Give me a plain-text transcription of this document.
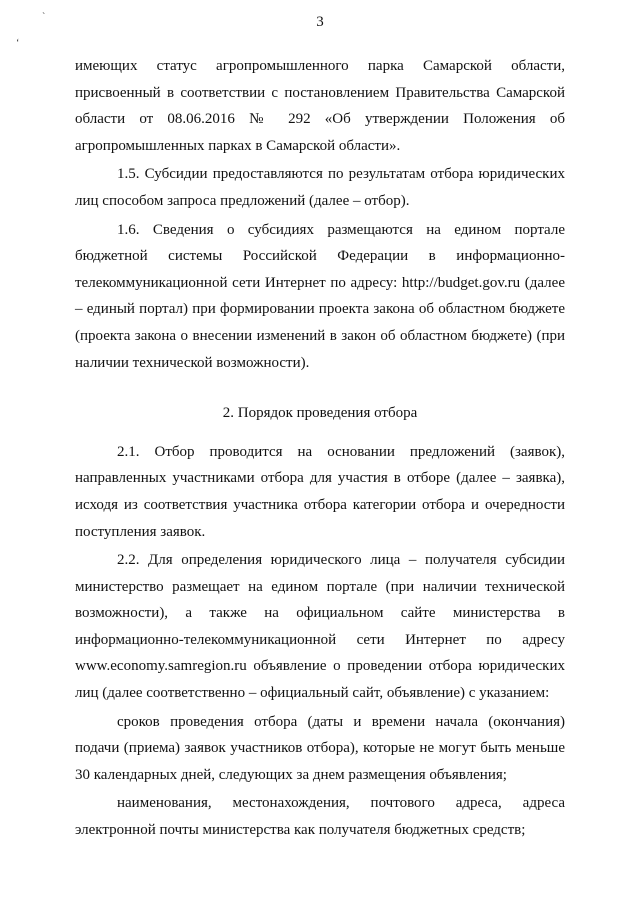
`
‘
3

имеющих статус агропромышленного парка Самарской области, присвоенный в соответствии с постановлением Правительства Самарской области от 08.06.2016 № 292 «Об утверждении Положения об агропромышленных парках в Самарской области».

1.5. Субсидии предоставляются по результатам отбора юридических лиц способом запроса предложений (далее – отбор).

1.6. Сведения о субсидиях размещаются на едином портале бюджетной системы Российской Федерации в информационно-телекоммуникационной сети Интернет по адресу: http://budget.gov.ru (далее – единый портал) при формировании проекта закона об областном бюджете (проекта закона о внесении изменений в закон об областном бюджете) (при наличии технической возможности).

2. Порядок проведения отбора

2.1. Отбор проводится на основании предложений (заявок), направленных участниками отбора для участия в отборе (далее – заявка), исходя из соответствия участника отбора категории отбора и очередности поступления заявок.

2.2. Для определения юридического лица – получателя субсидии министерство размещает на едином портале (при наличии технической возможности), а также на официальном сайте министерства в информационно-телекоммуникационной сети Интернет по адресу www.economy.samregion.ru объявление о проведении отбора юридических лиц (далее соответственно – официальный сайт, объявление) с указанием:

сроков проведения отбора (даты и времени начала (окончания) подачи (приема) заявок участников отбора), которые не могут быть меньше 30 календарных дней, следующих за днем размещения объявления;

наименования, местонахождения, почтового адреса, адреса электронной почты министерства как получателя бюджетных средств;
